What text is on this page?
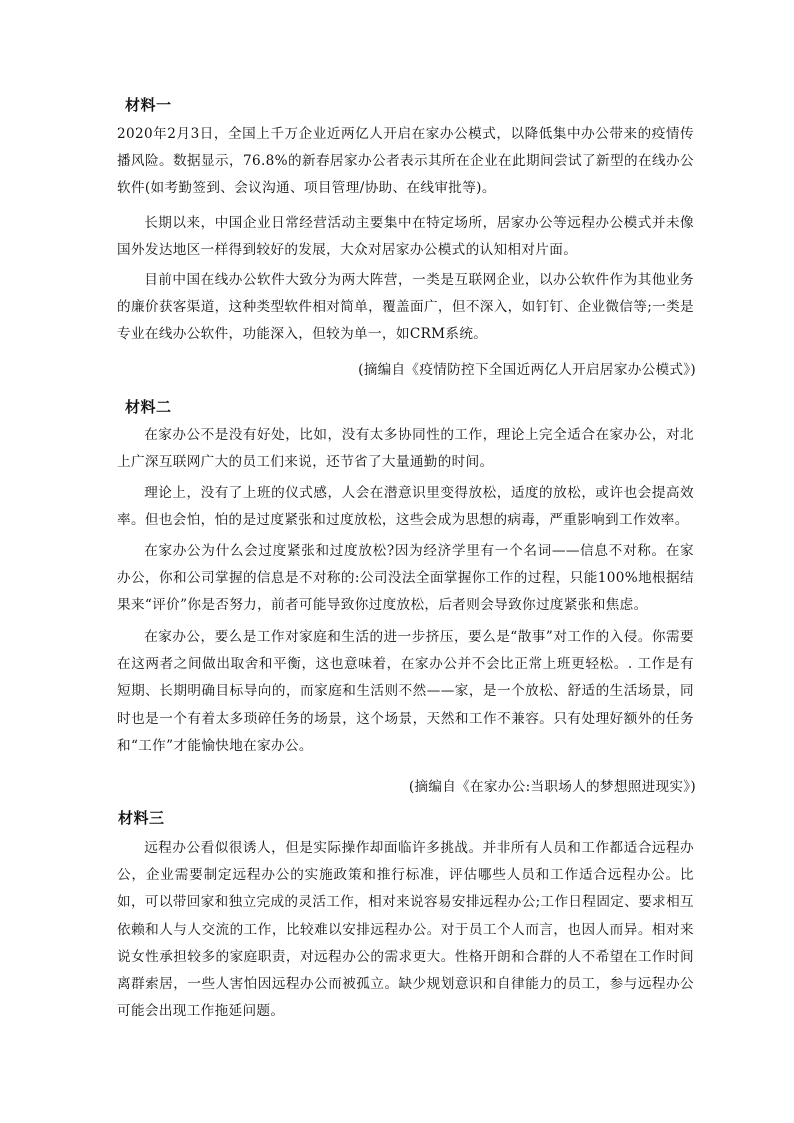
材料一

2020年2月3日，全国上千万企业近两亿人开启在家办公模式，以降低集中办公带来的疫情传播风险。数据显示，76.8%的新春居家办公者表示其所在企业在此期间尝试了新型的在线办公软件(如考勤签到、会议沟通、项目管理/协助、在线审批等)。

长期以来，中国企业日常经营活动主要集中在特定场所，居家办公等远程办公模式并未像国外发达地区一样得到较好的发展，大众对居家办公模式的认知相对片面。

目前中国在线办公软件大致分为两大阵营，一类是互联网企业，以办公软件作为其他业务的廉价获客渠道，这种类型软件相对简单，覆盖面广，但不深入，如钉钉、企业微信等;一类是专业在线办公软件，功能深入，但较为单一，如CRM系统。

(摘编自《疫情防控下全国近两亿人开启居家办公模式》)
材料二

在家办公不是没有好处，比如，没有太多协同性的工作，理论上完全适合在家办公，对北上广深互联网广大的员工们来说，还节省了大量通勤的时间。

理论上，没有了上班的仪式感，人会在潜意识里变得放松，适度的放松，或许也会提高效率。但也会怕，怕的是过度紧张和过度放松，这些会成为思想的病毒，严重影响到工作效率。

在家办公为什么会过度紧张和过度放松?因为经济学里有一个名词——信息不对称。在家办公，你和公司掌握的信息是不对称的:公司没法全面掌握你工作的过程，只能100%地根据结果来“评价”你是否努力，前者可能导致你过度放松，后者则会导致你过度紧张和焦虑。

在家办公，要么是工作对家庭和生活的进一步挤压，要么是“散事”对工作的入侵。你需要在这两者之间做出取舍和平衡，这也意味着，在家办公并不会比正常上班更轻松。. 工作是有短期、长期明确目标导向的，而家庭和生活则不然——家，是一个放松、舒适的生活场景，同时也是一个有着太多琐碎任务的场景，这个场景，天然和工作不兼容。只有处理好额外的任务和“工作”才能愉快地在家办公。

(摘编自《在家办公:当职场人的梦想照进现实》)
材料三

远程办公看似很诱人，但是实际操作却面临许多挑战。并非所有人员和工作都适合远程办公，企业需要制定远程办公的实施政策和推行标准，评估哪些人员和工作适合远程办公。比如，可以带回家和独立完成的灵活工作，相对来说容易安排远程办公;工作日程固定、要求相互依赖和人与人交流的工作，比较难以安排远程办公。对于员工个人而言，也因人而异。相对来说女性承担较多的家庭职责，对远程办公的需求更大。性格开朗和合群的人不希望在工作时间离群索居，一些人害怕因远程办公而被孤立。缺少规划意识和自律能力的员工，参与远程办公可能会出现工作拖延问题。
